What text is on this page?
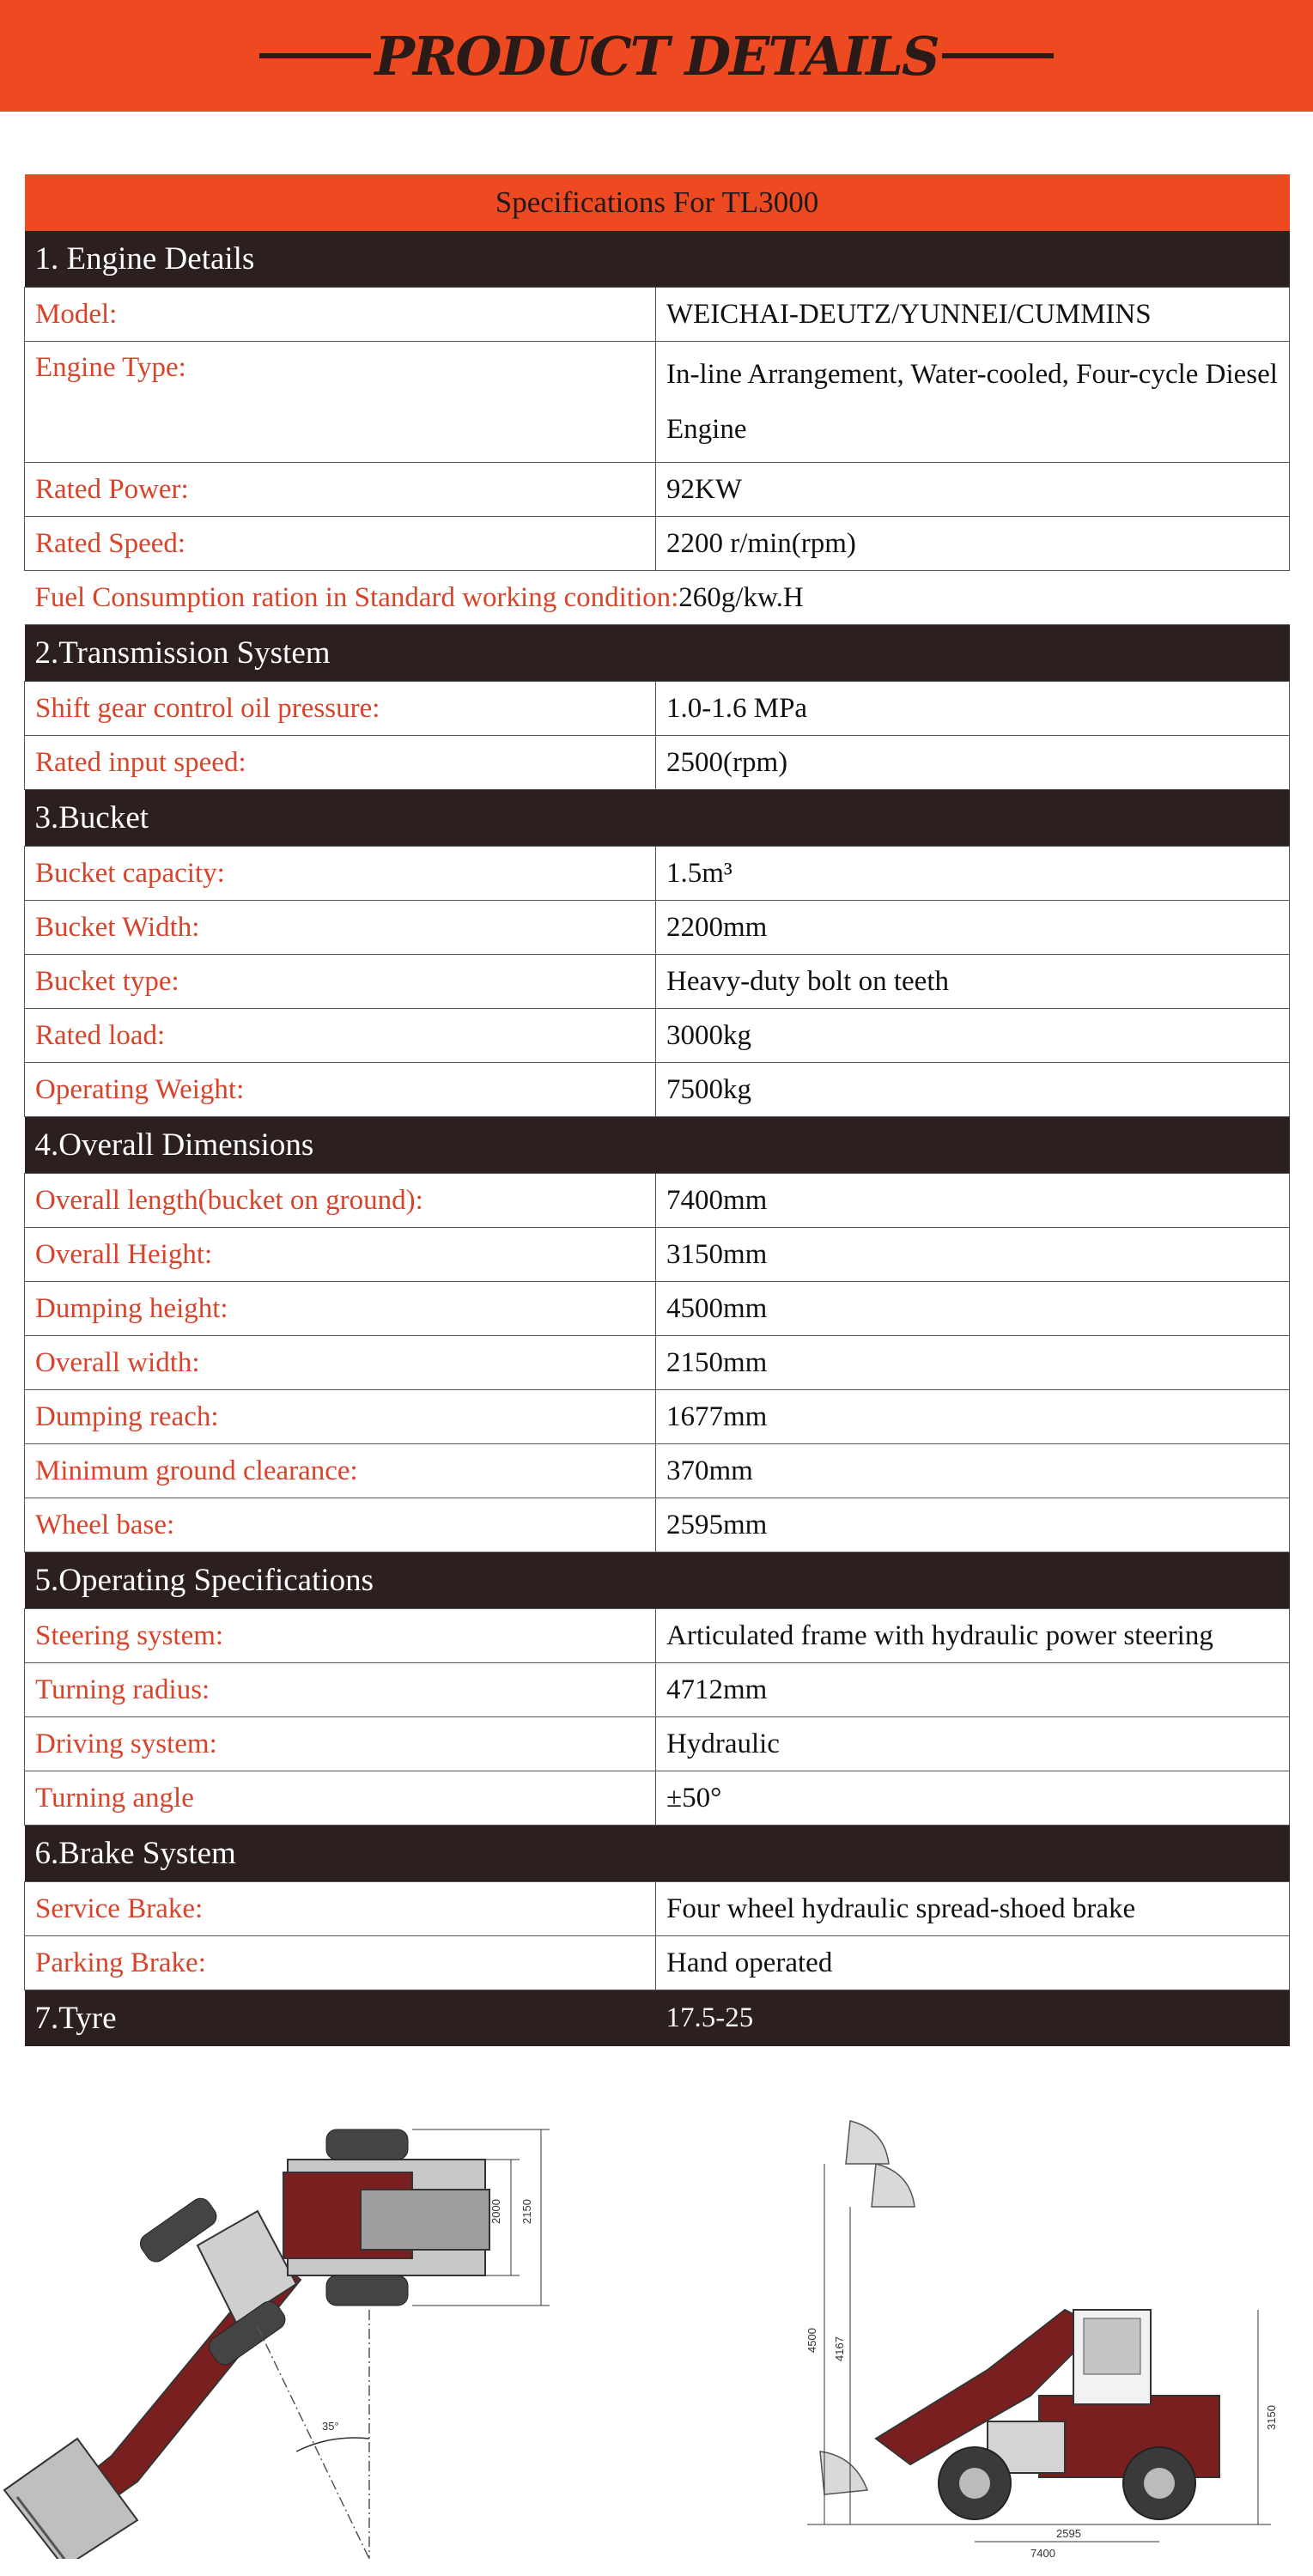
PRODUCT DETAILS
Specifications For TL3000	
1. Engine Details	
Model:	WEICHAI-DEUTZ/YUNNEI/CUMMINS
Engine Type:	In-line Arrangement, Water-cooled, Four-cycle Diesel Engine
Rated Power:	92KW
Rated Speed:	2200 r/min(rpm)
Fuel Consumption ration in Standard working condition:260g/kw.H	
2.Transmission System	
Shift gear control oil pressure:	1.0-1.6 MPa
Rated input speed:	2500(rpm)
3.Bucket	
Bucket capacity:	1.5m³
Bucket Width:	2200mm
Bucket type:	Heavy-duty bolt on teeth
Rated load:	3000kg
Operating Weight:	7500kg
4.Overall Dimensions	
Overall length(bucket on ground):	7400mm
Overall Height:	3150mm
Dumping height:	4500mm
Overall width:	2150mm
Dumping reach:	1677mm
Minimum ground clearance:	370mm
Wheel base:	2595mm
5.Operating Specifications	
Steering system:	Articulated frame with hydraulic power steering
Turning radius:	4712mm
Driving system:	Hydraulic
Turning angle	±50°
6.Brake System	
Service Brake:	Four wheel hydraulic spread-shoed brake
Parking Brake:	Hand operated
7.Tyre	17.5-25
35°
2000 2150
4500 4167
3150
2595
7400
